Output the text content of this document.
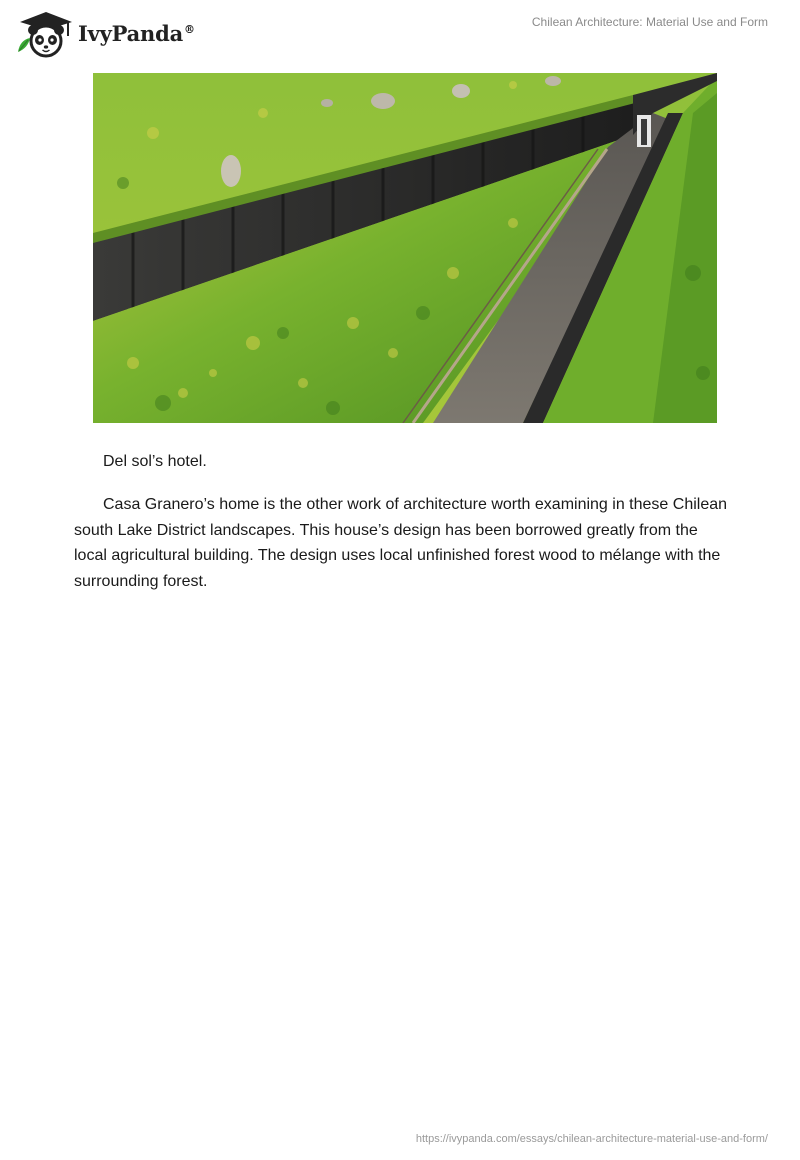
IvyPanda®	Chilean Architecture: Material Use and Form
Del sol’s hotel.

Casa Granero’s home is the other work of architecture worth examining in these Chilean south Lake District landscapes. This house’s design has been borrowed greatly from the local agricultural building. The design uses local unfinished forest wood to mélange with the surrounding forest.

https://ivypanda.com/essays/chilean-architecture-material-use-and-form/
